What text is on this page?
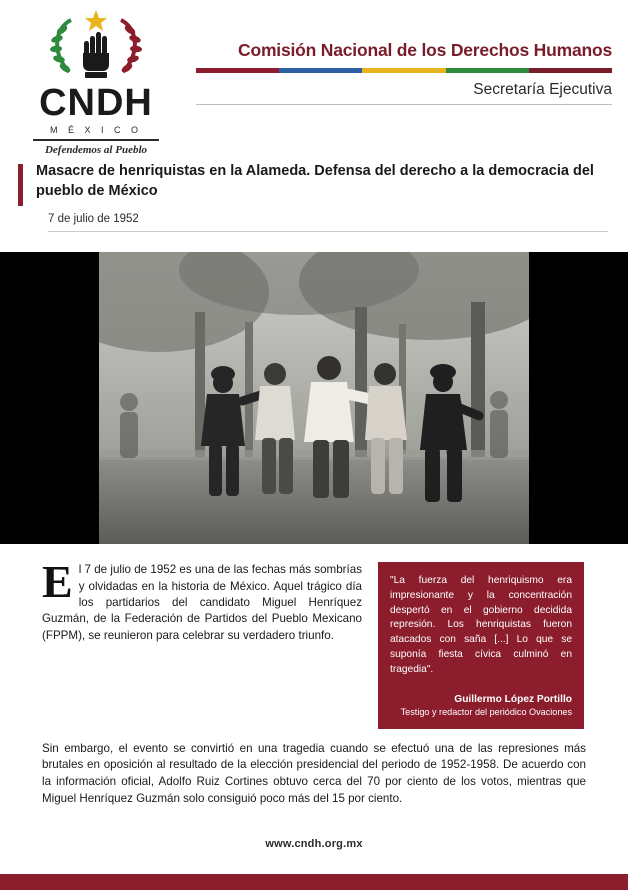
CNDH
M É X I C O
Defendemos al Pueblo
Comisión Nacional de los Derechos Humanos
Secretaría Ejecutiva
Masacre de henriquistas en la Alameda. Defensa del derecho a la democracia del pueblo de México
7 de julio de 1952
E l 7 de julio de 1952 es una de las fechas más sombrías y olvidadas en la historia de México. Aquel trágico día los partidarios del candidato Miguel Henríquez Guzmán, de la Federación de Partidos del Pueblo Mexicano (FPPM), se reunieron para celebrar su verdadero triunfo.
"La fuerza del henriquismo era impresionante y la concentración despertó en el gobierno decidida represión. Los henriquistas fueron atacados con saña [...] Lo que se suponía fiesta cívica culminó en tragedia".
Guillermo López Portillo
Testigo y redactor del periódico Ovaciones
Sin embargo, el evento se convirtió en una tragedia cuando se efectuó una de las represiones más brutales en oposición al resultado de la elección presidencial del periodo de 1952-1958. De acuerdo con la información oficial, Adolfo Ruiz Cortines obtuvo cerca del 70 por ciento de los votos, mientras que Miguel Henríquez Guzmán solo consiguió poco más del 15 por ciento.
www.cndh.org.mx
